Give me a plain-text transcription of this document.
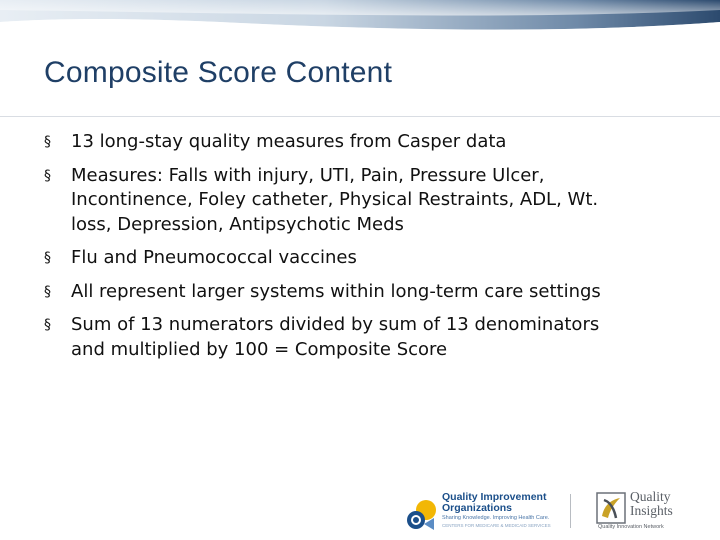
Composite Score Content
§ 13 long-stay quality measures from Casper data
§ Measures: Falls with injury, UTI, Pain, Pressure Ulcer,
Incontinence, Foley catheter, Physical Restraints, ADL, Wt.
loss, Depression, Antipsychotic Meds
§ Flu and Pneumococcal vaccines
§ All represent larger systems within long-term care settings
§ Sum of 13 numerators divided by sum of 13 denominators
and multiplied by 100 = Composite Score
Quality Improvement
Organizations
Sharing Knowledge. Improving Health Care.
CENTERS FOR MEDICARE & MEDICAID SERVICES
Quality
Insights
Quality Innovation Network
